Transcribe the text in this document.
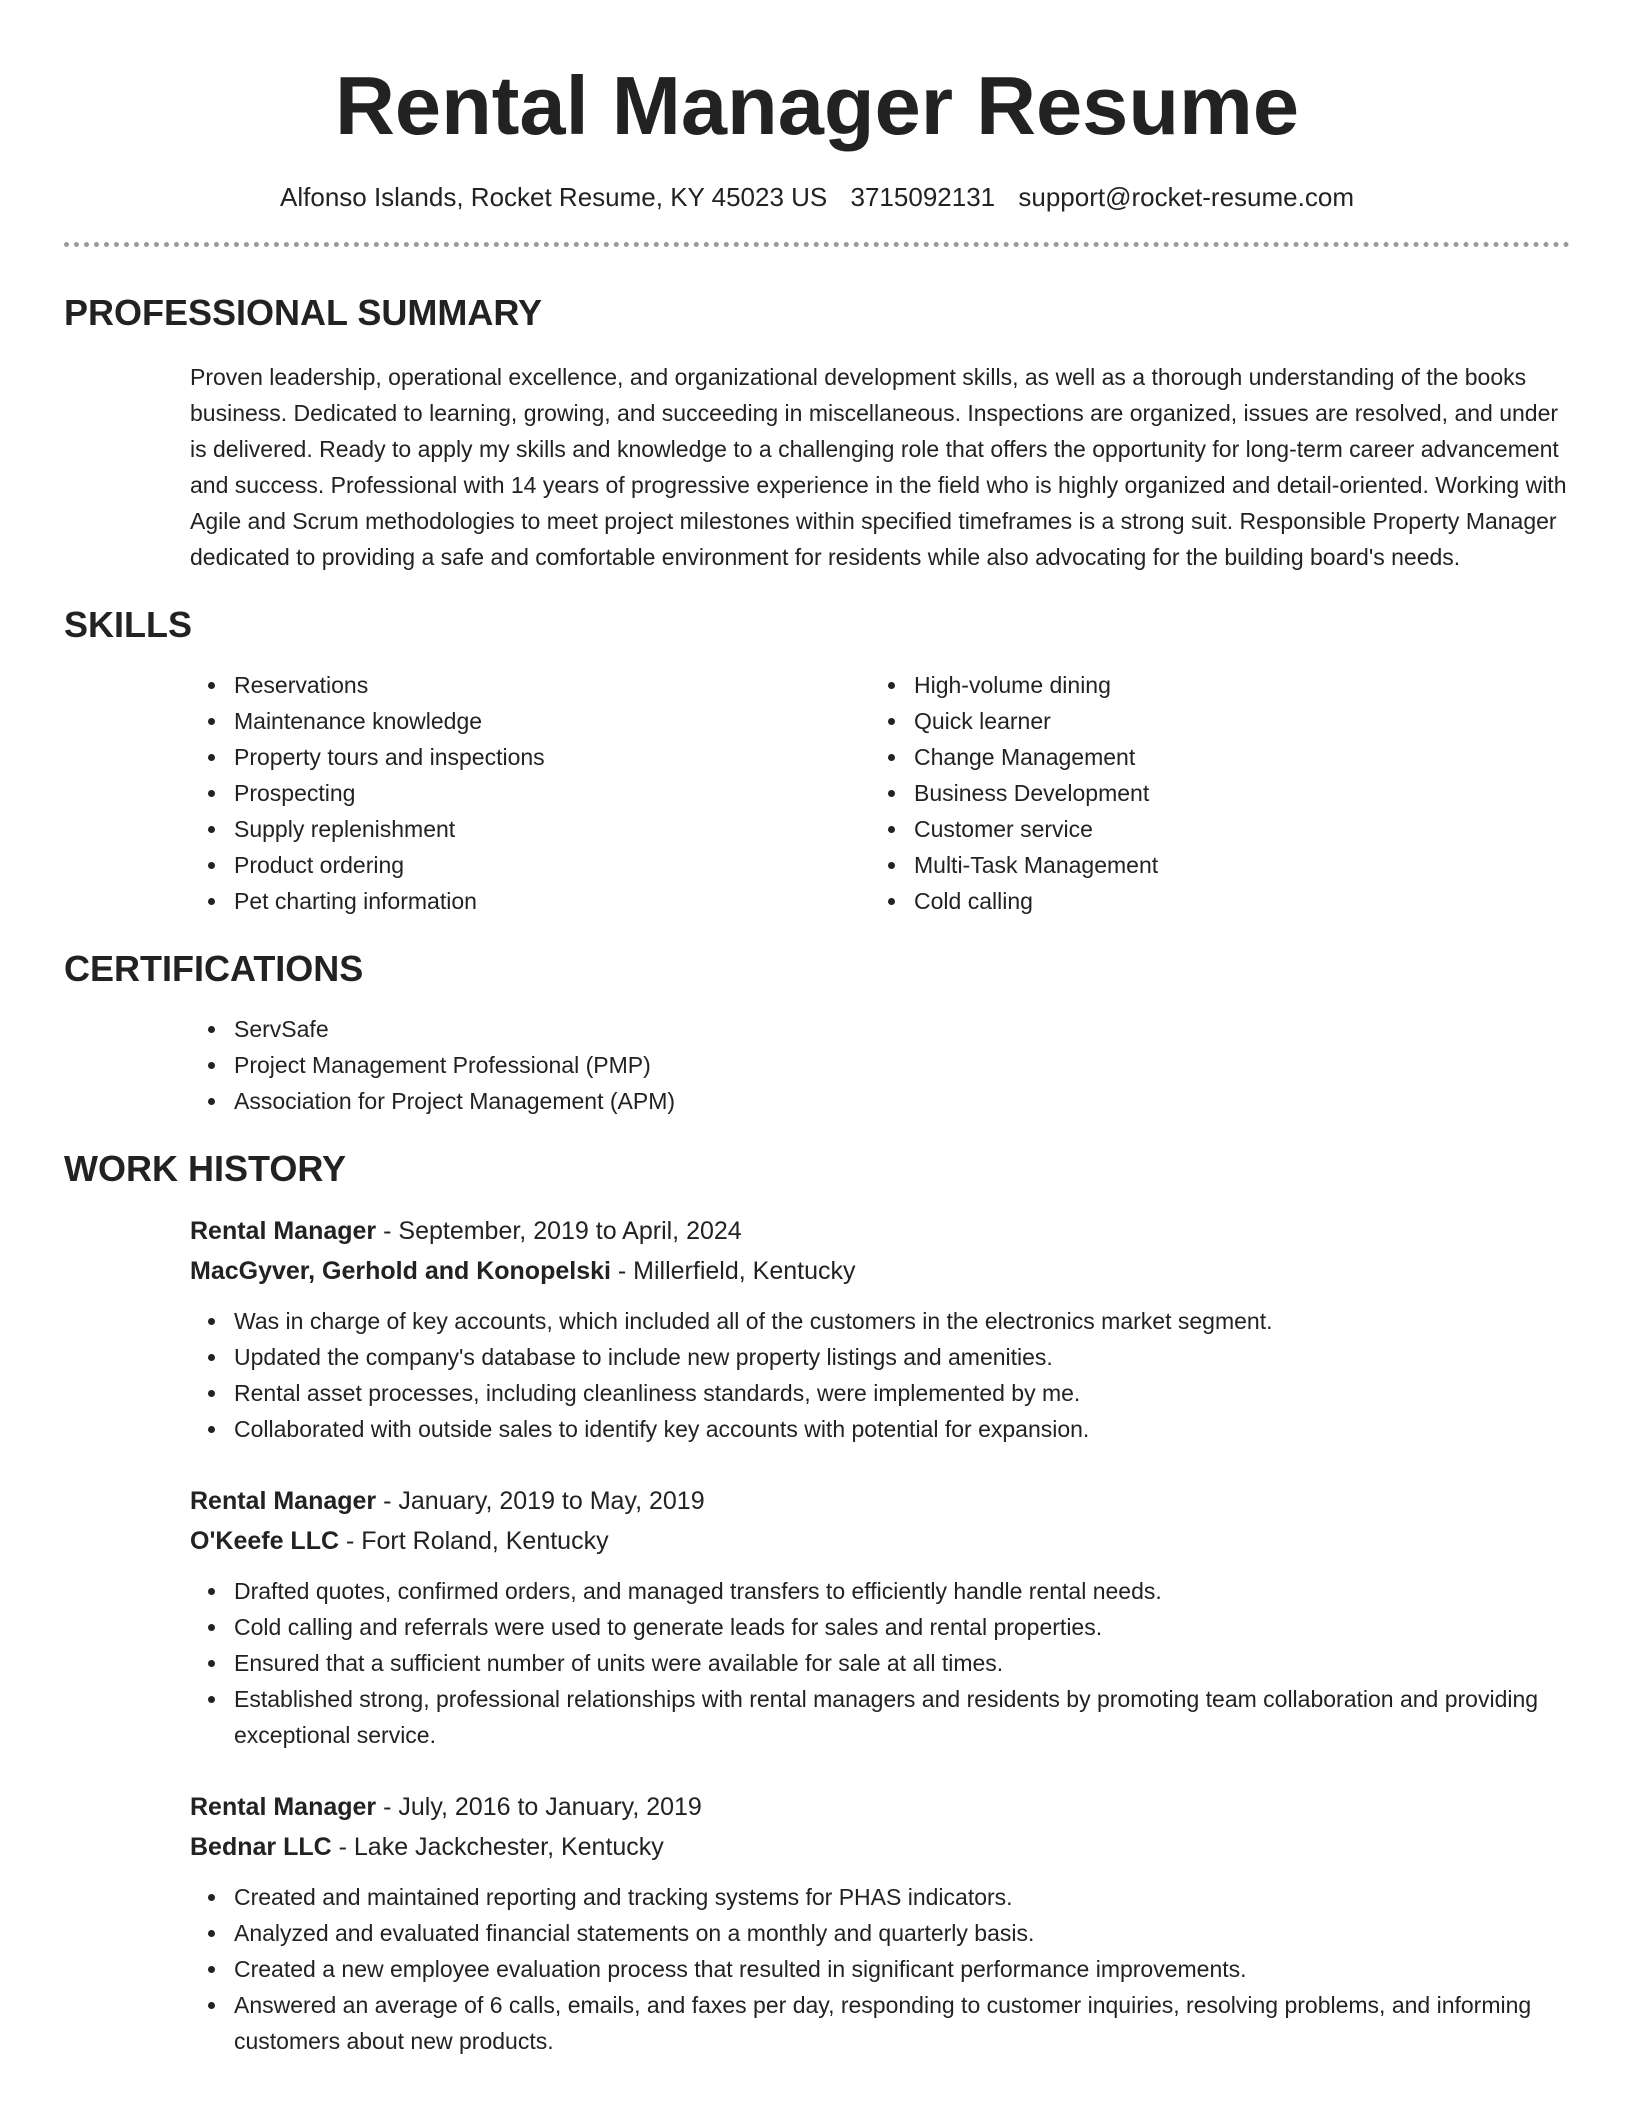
Rental Manager Resume
Alfonso Islands, Rocket Resume, KY 45023 US 3715092131 support@rocket-resume.com
PROFESSIONAL SUMMARY

Proven leadership, operational excellence, and organizational development skills, as well as a thorough understanding of the books business. Dedicated to learning, growing, and succeeding in miscellaneous. Inspections are organized, issues are resolved, and under is delivered. Ready to apply my skills and knowledge to a challenging role that offers the opportunity for long-term career advancement and success. Professional with 14 years of progressive experience in the field who is highly organized and detail-oriented. Working with Agile and Scrum methodologies to meet project milestones within specified timeframes is a strong suit. Responsible Property Manager dedicated to providing a safe and comfortable environment for residents while also advocating for the building board's needs.

SKILLS
Reservations
Maintenance knowledge
Property tours and inspections
Prospecting
Supply replenishment
Product ordering
Pet charting information
High-volume dining
Quick learner
Change Management
Business Development
Customer service
Multi-Task Management
Cold calling
CERTIFICATIONS
ServSafe
Project Management Professional (PMP)
Association for Project Management (APM)
WORK HISTORY
Rental Manager - September, 2019 to April, 2024
MacGyver, Gerhold and Konopelski - Millerfield, Kentucky
Was in charge of key accounts, which included all of the customers in the electronics market segment.
Updated the company's database to include new property listings and amenities.
Rental asset processes, including cleanliness standards, were implemented by me.
Collaborated with outside sales to identify key accounts with potential for expansion.
Rental Manager - January, 2019 to May, 2019
O'Keefe LLC - Fort Roland, Kentucky
Drafted quotes, confirmed orders, and managed transfers to efficiently handle rental needs.
Cold calling and referrals were used to generate leads for sales and rental properties.
Ensured that a sufficient number of units were available for sale at all times.
Established strong, professional relationships with rental managers and residents by promoting team collaboration and providing exceptional service.
Rental Manager - July, 2016 to January, 2019
Bednar LLC - Lake Jackchester, Kentucky
Created and maintained reporting and tracking systems for PHAS indicators.
Analyzed and evaluated financial statements on a monthly and quarterly basis.
Created a new employee evaluation process that resulted in significant performance improvements.
Answered an average of 6 calls, emails, and faxes per day, responding to customer inquiries, resolving problems, and informing customers about new products.
